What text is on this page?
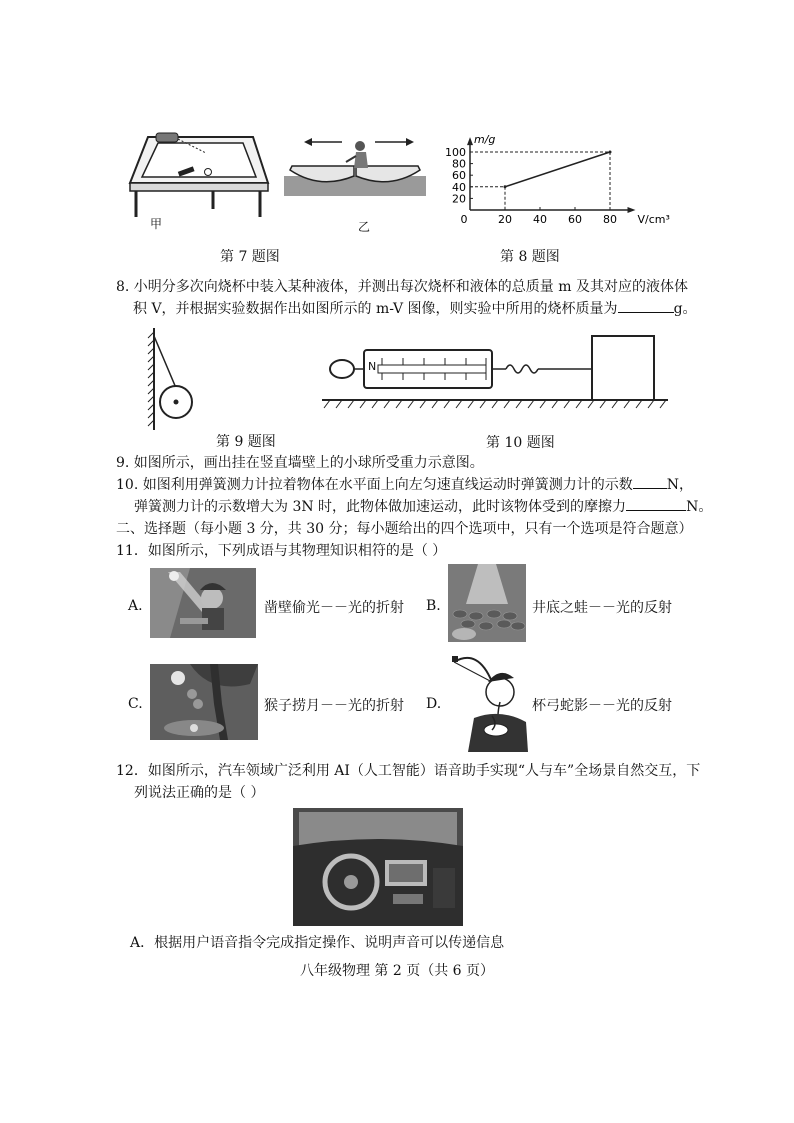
甲	乙
第 7 题图
0	20 40 60 80
20
40
60
80
100
V/cm³
m/g
第 8 题图
8. 小明分多次向烧杯中装入某种液体，并测出每次烧杯和液体的总质量 m 及其对应的液体体
积 V，并根据实验数据作出如图所示的 m-V 图像，则实验中所用的烧杯质量为	g。
第 9 题图
N
第 10 题图
9. 如图所示，画出挂在竖直墙壁上的小球所受重力示意图。
10. 如图利用弹簧测力计拉着物体在水平面上向左匀速直线运动时弹簧测力计的示数 N，
弹簧测力计的示数增大为 3N 时，此物体做加速运动，此时该物体受到的摩擦力	N。
二、选择题（每小题 3 分，共 30 分；每小题给出的四个选项中，只有一个选项是符合题意）
11．如图所示，下列成语与其物理知识相符的是（ ）
A.	凿壁偷光－－光的折射 B.	井底之蛙－－光的反射
C.	猴子捞月－－光的折射 D.	杯弓蛇影－－光的反射
12．如图所示，汽车领域广泛利用 AI（人工智能）语音助手实现“人与车”全场景自然交互，下
列说法正确的是（ ）
A．根据用户语音指令完成指定操作、说明声音可以传递信息
八年级物理 第 2 页（共 6 页）
